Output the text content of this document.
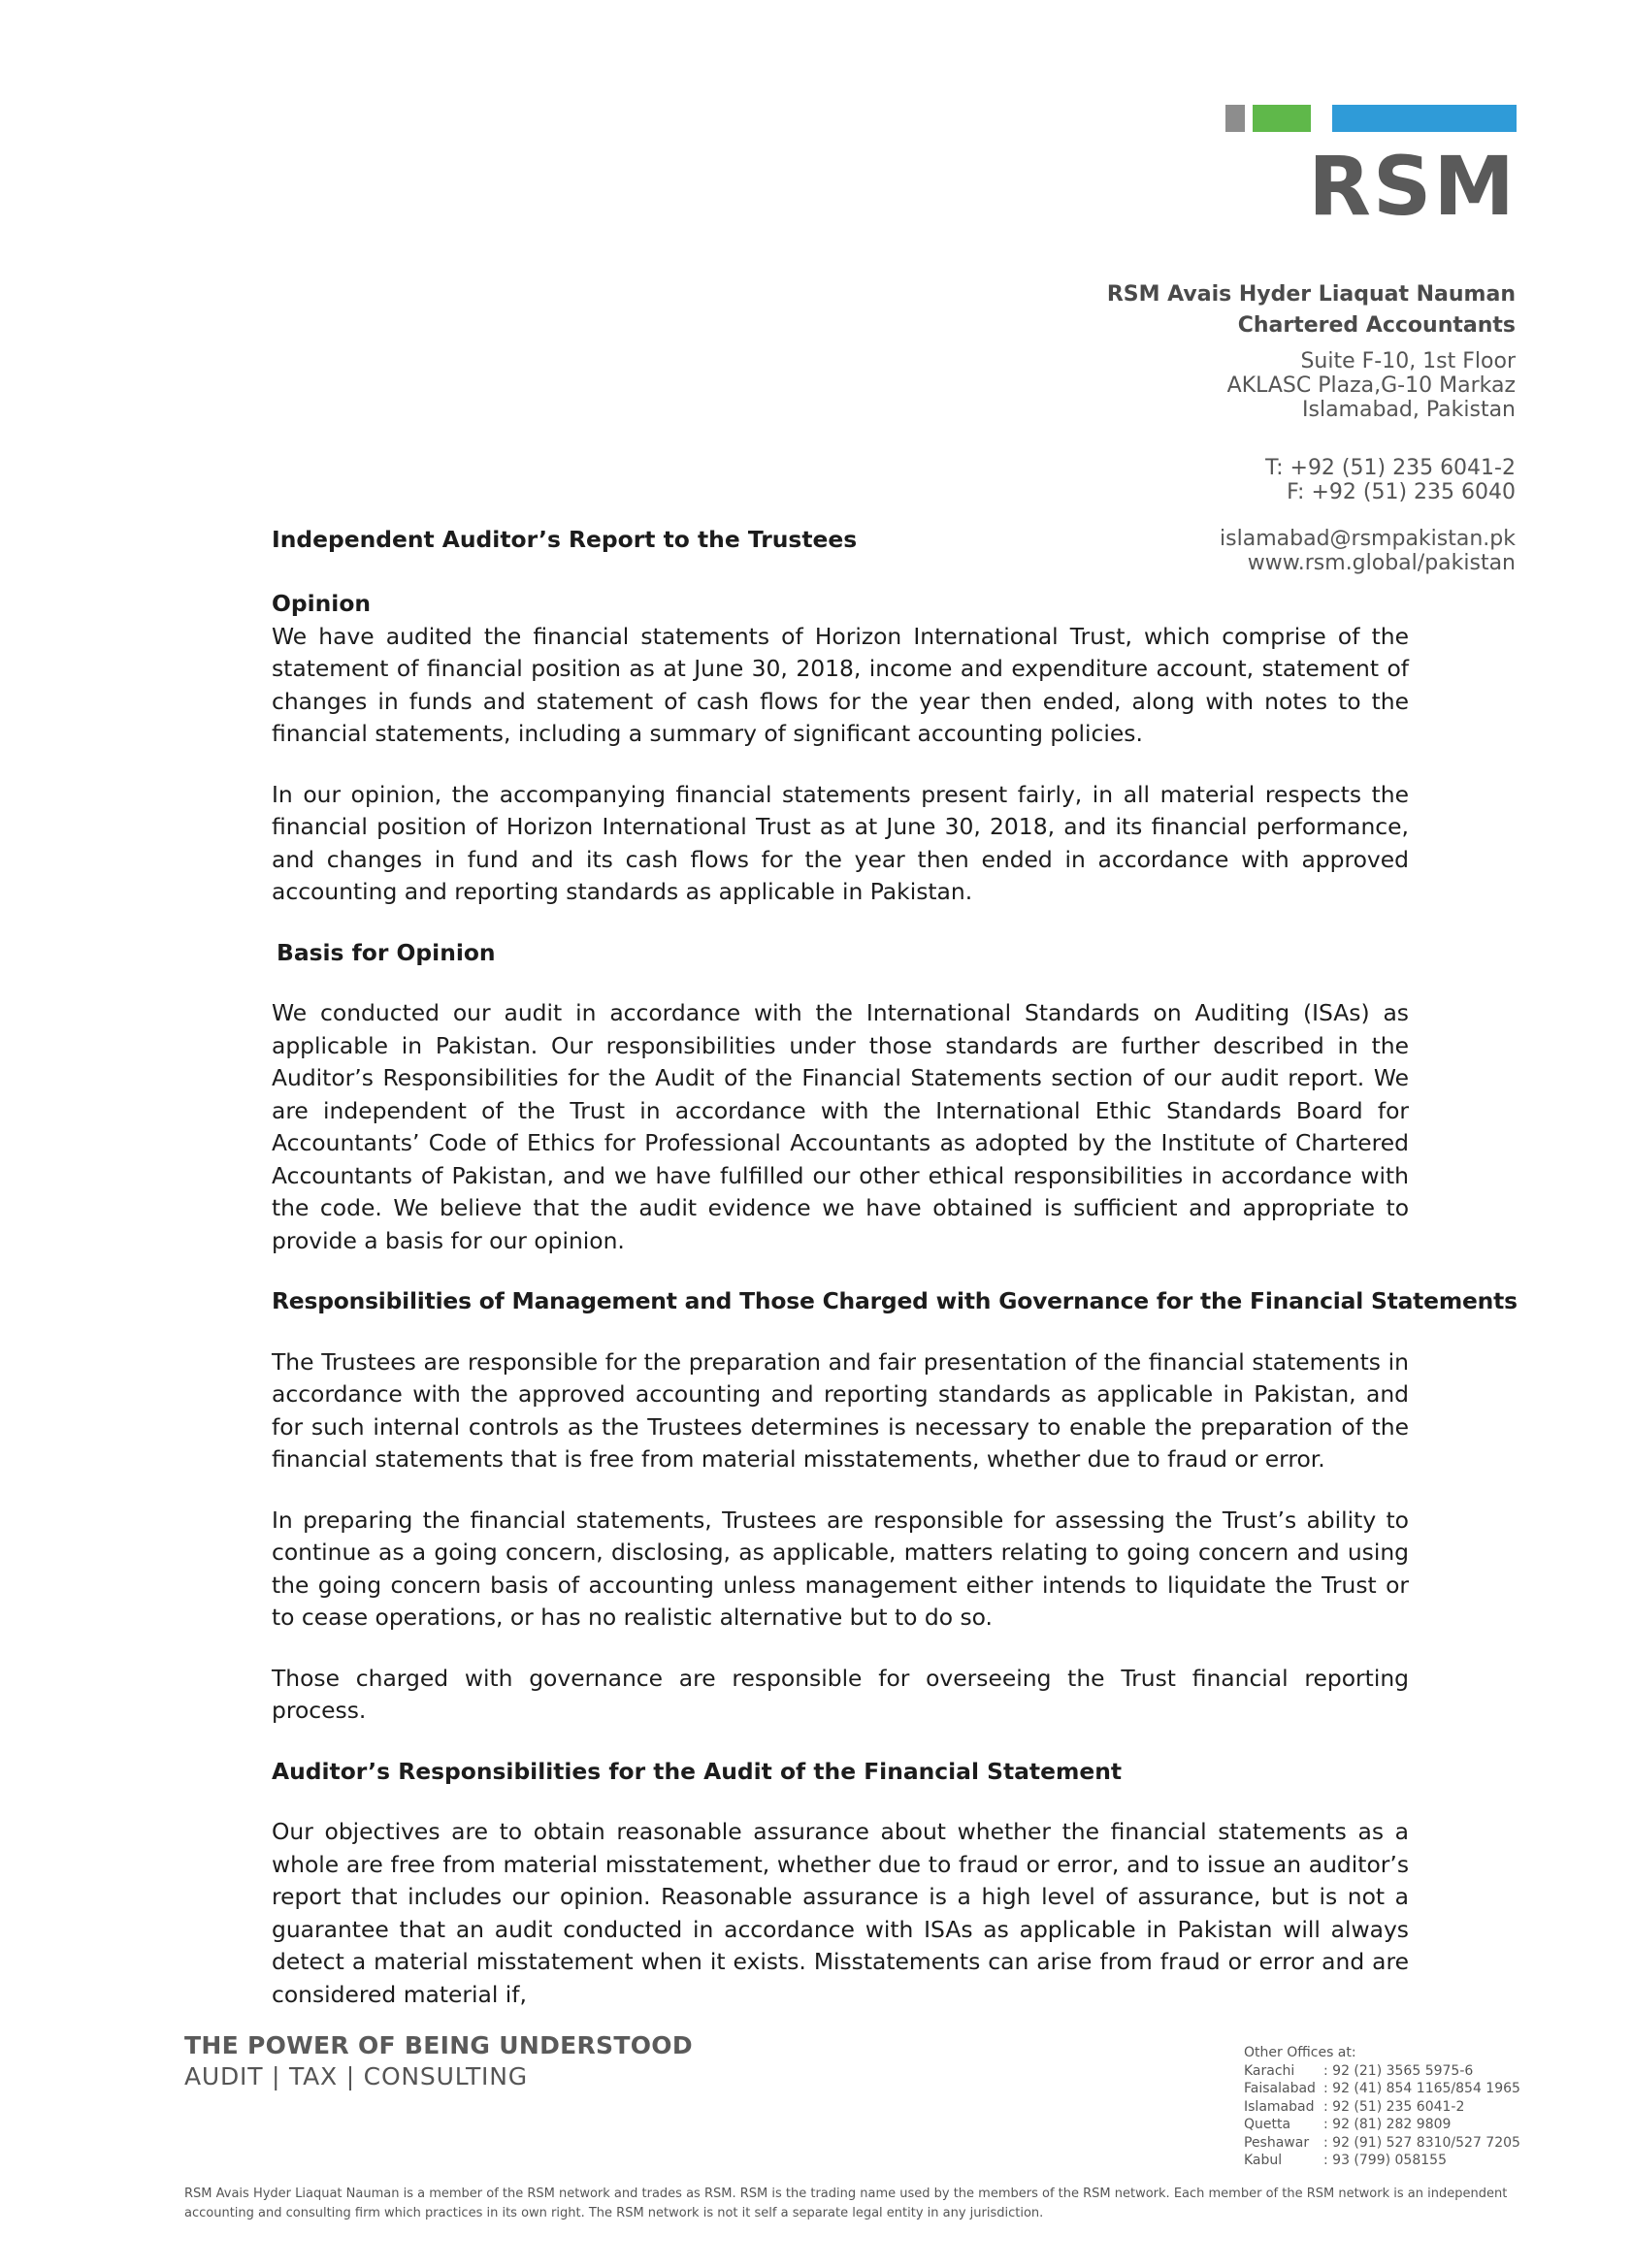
RSM
RSM Avais Hyder Liaquat Nauman
Chartered Accountants
Suite F-10, 1st Floor
AKLASC Plaza,G-10 Markaz
Islamabad, Pakistan
T: +92 (51) 235 6041-2
F: +92 (51) 235 6040
islamabad@rsmpakistan.pk
www.rsm.global/pakistan
Independent Auditor’s Report to the Trustees
Opinion

We have audited the financial statements of Horizon International Trust, which comprise of the statement of financial position as at June 30, 2018, income and expenditure account, statement of changes in funds and statement of cash flows for the year then ended, along with notes to the financial statements, including a summary of significant accounting policies.

In our opinion, the accompanying financial statements present fairly, in all material respects the financial position of Horizon International Trust as at June 30, 2018, and its financial performance, and changes in fund and its cash flows for the year then ended in accordance with approved accounting and reporting standards as applicable in Pakistan.

Basis for Opinion

We conducted our audit in accordance with the International Standards on Auditing (ISAs) as applicable in Pakistan. Our responsibilities under those standards are further described in the Auditor’s Responsibilities for the Audit of the Financial Statements section of our audit report. We are independent of the Trust in accordance with the International Ethic Standards Board for Accountants’ Code of Ethics for Professional Accountants as adopted by the Institute of Chartered Accountants of Pakistan, and we have fulfilled our other ethical responsibilities in accordance with the code. We believe that the audit evidence we have obtained is sufficient and appropriate to provide a basis for our opinion.

Responsibilities of Management and Those Charged with Governance for the Financial Statements

The Trustees are responsible for the preparation and fair presentation of the financial statements in accordance with the approved accounting and reporting standards as applicable in Pakistan, and for such internal controls as the Trustees determines is necessary to enable the preparation of the financial statements that is free from material misstatements, whether due to fraud or error.

In preparing the financial statements, Trustees are responsible for assessing the Trust’s ability to continue as a going concern, disclosing, as applicable, matters relating to going concern and using the going concern basis of accounting unless management either intends to liquidate the Trust or to cease operations, or has no realistic alternative but to do so.

Those charged with governance are responsible for overseeing the Trust financial reporting process.

Auditor’s Responsibilities for the Audit of the Financial Statement

Our objectives are to obtain reasonable assurance about whether the financial statements as a whole are free from material misstatement, whether due to fraud or error, and to issue an auditor’s report that includes our opinion. Reasonable assurance is a high level of assurance, but is not a guarantee that an audit conducted in accordance with ISAs as applicable in Pakistan will always detect a material misstatement when it exists. Misstatements can arise from fraud or error and are considered material if,

THE POWER OF BEING UNDERSTOOD
AUDIT | TAX | CONSULTING
Other Offices at:
Karachi	: 92 (21) 3565 5975-6
Faisalabad : 92 (41) 854 1165/854 1965
Islamabad : 92 (51) 235 6041-2
Quetta	: 92 (81) 282 9809
Peshawar	: 92 (91) 527 8310/527 7205
Kabul	: 93 (799) 058155
RSM Avais Hyder Liaquat Nauman is a member of the RSM network and trades as RSM. RSM is the trading name used by the members of the RSM network. Each member of the RSM network is an independent accounting and consulting firm which practices in its own right. The RSM network is not it self a separate legal entity in any jurisdiction.
